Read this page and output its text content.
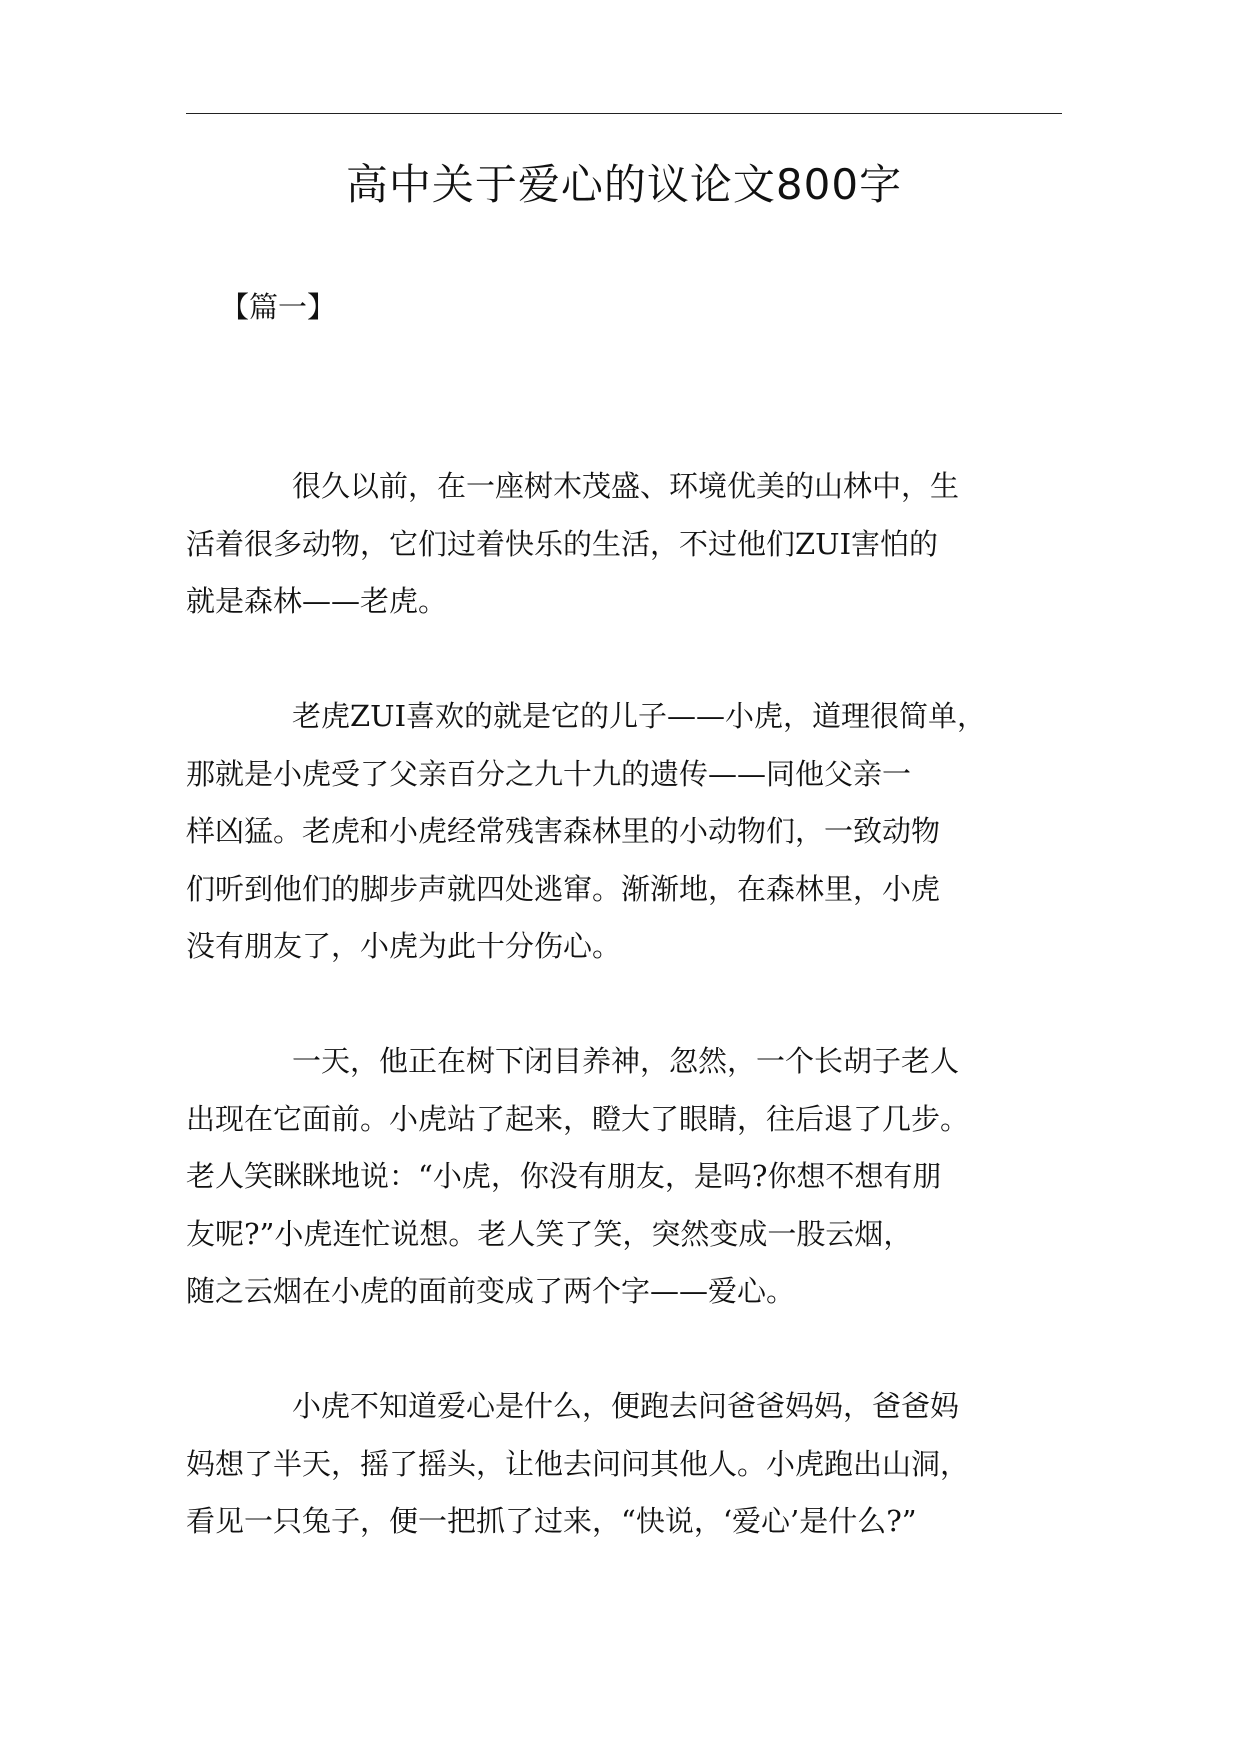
高中关于爱心的议论文800字
【篇一】
很久以前，在一座树木茂盛、环境优美的山林中，生
活着很多动物，它们过着快乐的生活，不过他们ZUI害怕的
就是森林——老虎。
老虎ZUI喜欢的就是它的儿子——小虎，道理很简单，
那就是小虎受了父亲百分之九十九的遗传——同他父亲一
样凶猛。老虎和小虎经常残害森林里的小动物们，一致动物
们听到他们的脚步声就四处逃窜。渐渐地，在森林里，小虎
没有朋友了，小虎为此十分伤心。
一天，他正在树下闭目养神，忽然，一个长胡子老人
出现在它面前。小虎站了起来，瞪大了眼睛，往后退了几步。
老人笑眯眯地说：“小虎，你没有朋友，是吗?你想不想有朋
友呢?”小虎连忙说想。老人笑了笑，突然变成一股云烟，
随之云烟在小虎的面前变成了两个字——爱心。
小虎不知道爱心是什么，便跑去问爸爸妈妈，爸爸妈
妈想了半天，摇了摇头，让他去问问其他人。小虎跑出山洞，
看见一只兔子，便一把抓了过来，“快说，‘爱心’是什么?”
